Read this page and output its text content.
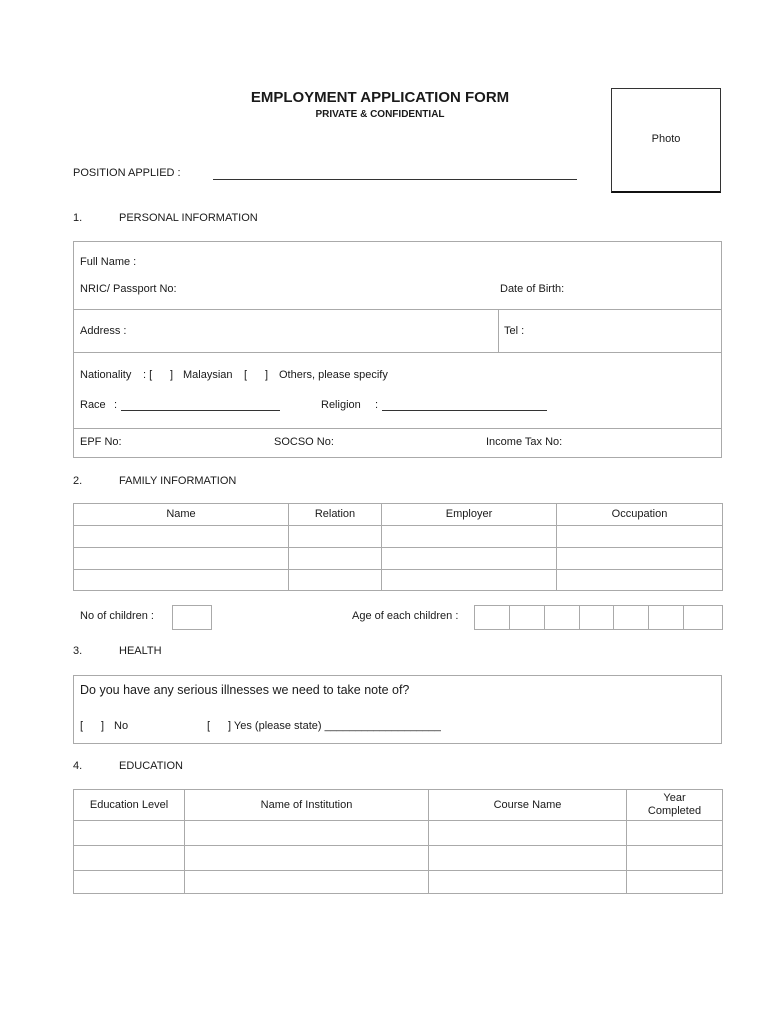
EMPLOYMENT APPLICATION FORM
PRIVATE & CONFIDENTIAL
Photo
POSITION APPLIED :
1.	PERSONAL INFORMATION
Full Name :
NRIC/ Passport No:	Date of Birth:
Address :	Tel :
Nationality : [ ] Malaysian [ ] Others, please specify
Race :	Religion :
EPF No:	SOCSO No:	Income Tax No:
2.	FAMILY INFORMATION
Name	Relation	Employer	Occupation

No of children :	Age of each children :
3.	HEALTH
Do you have any serious illnesses we need to take note of?
[ ] No	[ ] Yes (please state) ___________________
4.	EDUCATION
Education Level	Name of Institution	Course Name	Year Completed
